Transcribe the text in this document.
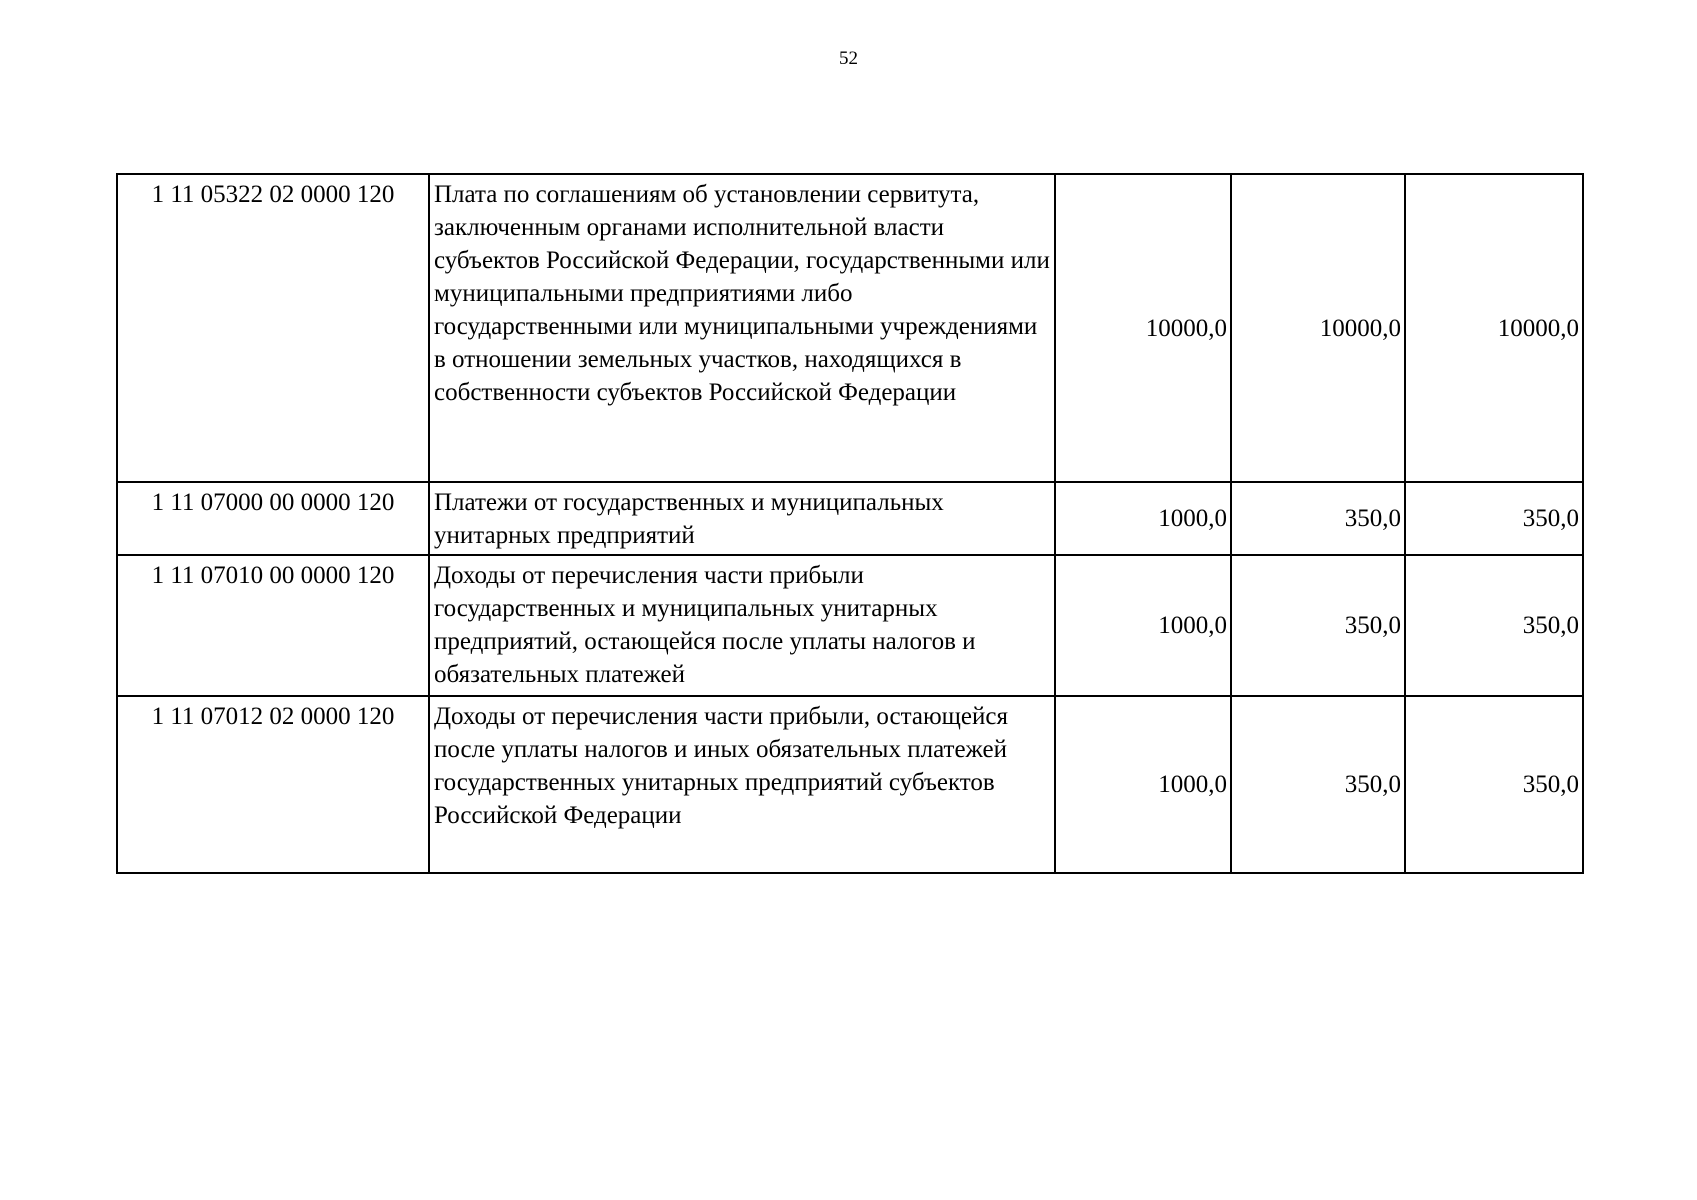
52
1 11 05322 02 0000 120	Плата по соглашениям об установлении сервитута, заключенным органами исполнительной власти субъектов Российской Федерации, государственными или муниципальными предприятиями либо государственными или муниципальными учреждениями в отношении земельных участков, находящихся в собственности субъектов Российской Федерации	10000,0	10000,0	10000,0
1 11 07000 00 0000 120	Платежи от государственных и муниципальных унитарных предприятий	1000,0	350,0	350,0
1 11 07010 00 0000 120	Доходы от перечисления части прибыли государственных и муниципальных унитарных предприятий, остающейся после уплаты налогов и обязательных платежей	1000,0	350,0	350,0
1 11 07012 02 0000 120	Доходы от перечисления части прибыли, остающейся после уплаты налогов и иных обязательных платежей государственных унитарных предприятий субъектов Российской Федерации	1000,0	350,0	350,0
